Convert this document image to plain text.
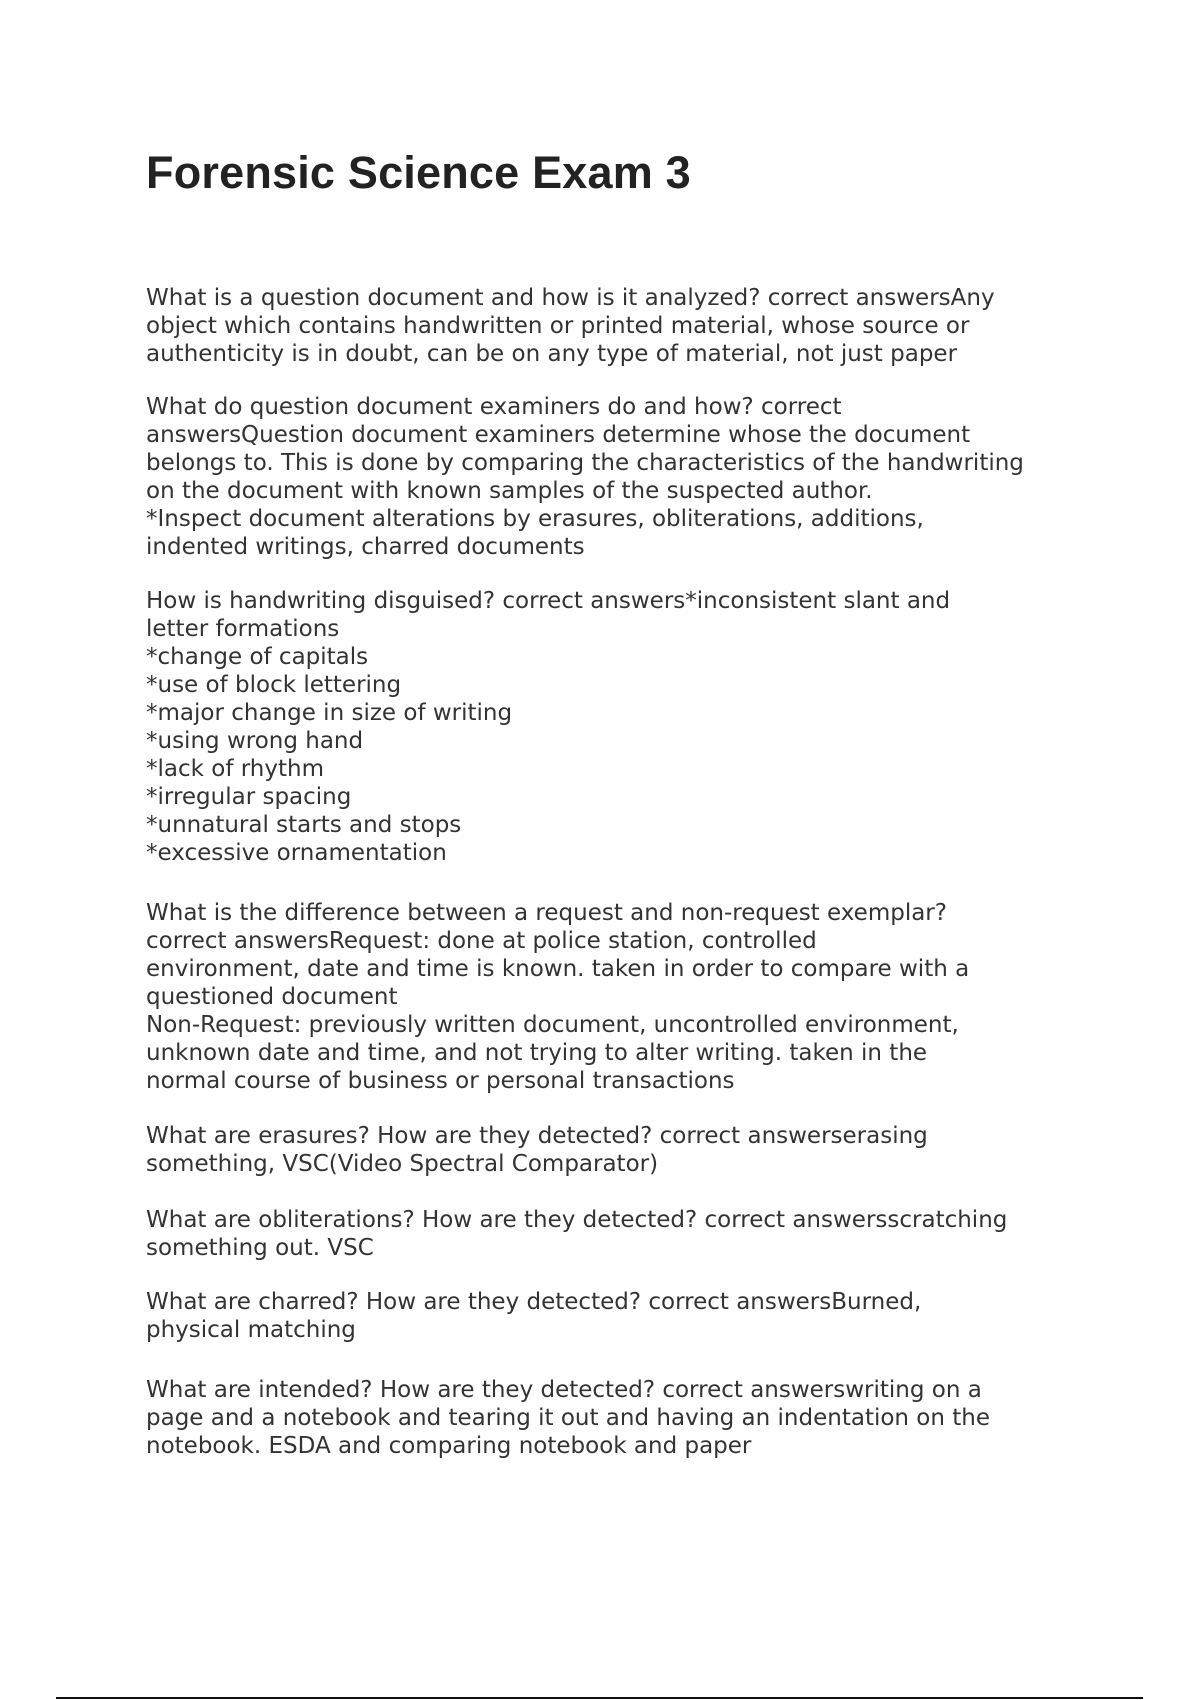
Forensic Science Exam 3

What is a question document and how is it analyzed? correct answersAny
object which contains handwritten or printed material, whose source or
authenticity is in doubt, can be on any type of material, not just paper

What do question document examiners do and how? correct
answersQuestion document examiners determine whose the document
belongs to. This is done by comparing the characteristics of the handwriting
on the document with known samples of the suspected author.
*Inspect document alterations by erasures, obliterations, additions,
indented writings, charred documents

How is handwriting disguised? correct answers*inconsistent slant and
letter formations
*change of capitals
*use of block lettering
*major change in size of writing
*using wrong hand
*lack of rhythm
*irregular spacing
*unnatural starts and stops
*excessive ornamentation

What is the difference between a request and non-request exemplar?
correct answersRequest: done at police station, controlled
environment, date and time is known. taken in order to compare with a
questioned document
Non-Request: previously written document, uncontrolled environment,
unknown date and time, and not trying to alter writing. taken in the
normal course of business or personal transactions

What are erasures? How are they detected? correct answerserasing
something, VSC(Video Spectral Comparator)

What are obliterations? How are they detected? correct answersscratching
something out. VSC

What are charred? How are they detected? correct answersBurned,
physical matching

What are intended? How are they detected? correct answerswriting on a
page and a notebook and tearing it out and having an indentation on the
notebook. ESDA and comparing notebook and paper
